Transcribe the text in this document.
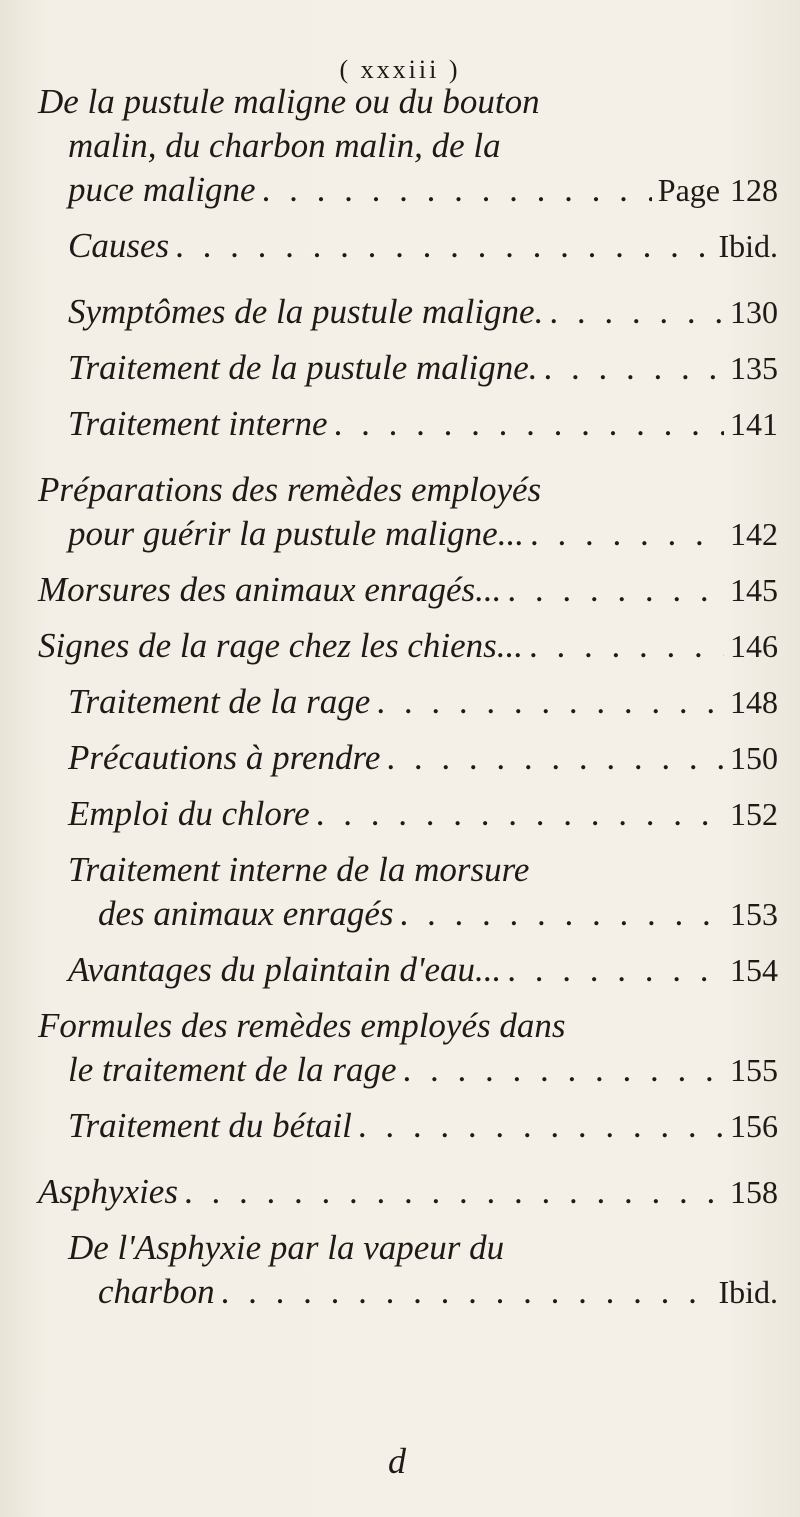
( xxxiii )
De la pustule maligne ou du bouton
malin, du charbon malin, de la
puce maligne . . .	Page 128
Causes . . .	Ibid.
Symptômes de la pustule maligne. . . .	130
Traitement de la pustule maligne. . . .	135
Traitement interne . . .	141
Préparations des remèdes employés
pour guérir la pustule maligne... . . .	142
Morsures des animaux enragés... . . .	145
Signes de la rage chez les chiens... . . .	146
Traitement de la rage . . .	148
Précautions à prendre . . .	150
Emploi du chlore . . .	152
Traitement interne de la morsure
des animaux enragés . . .	153
Avantages du plaintain d'eau... . . .	154
Formules des remèdes employés dans
le traitement de la rage . . .	155
Traitement du bétail . . .	156
Asphyxies . . .	158
De l'Asphyxie par la vapeur du
charbon . . .	Ibid.
d
